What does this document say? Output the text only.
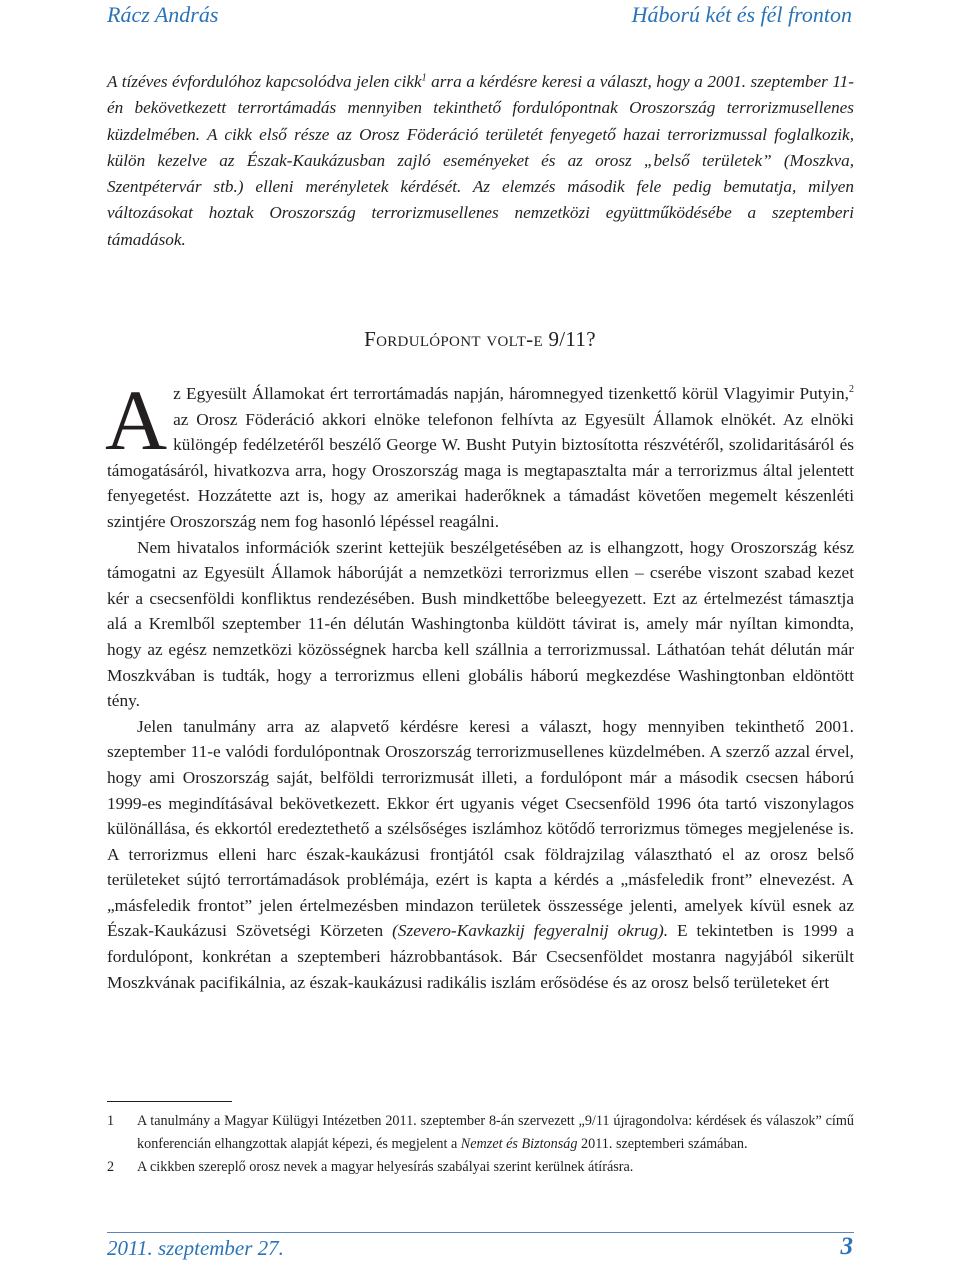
Rácz András	Háború két és fél fronton

A tízéves évfordulóhoz kapcsolódva jelen cikk$^1$ arra a kérdésre keresi a választ, hogy a 2001. szeptember 11-én bekövetkezett terrortámadás mennyiben tekinthető fordulópontnak Oroszország terrorizmusellenes küzdelmében. A cikk első része az Orosz Föderáció területét fenyegető hazai terrorizmussal foglalkozik, külön kezelve az Észak-Kaukázusban zajló eseményeket és az orosz „belső területek” (Moszkva, Szentpétervár stb.) elleni merényletek kérdését. Az elemzés második fele pedig bemutatja, milyen változásokat hoztak Oroszország terrorizmusellenes nemzetközi együttműködésébe a szeptemberi támadások.

Fordulópont volt-e 9/11?

Az Egyesült Államokat ért terrortámadás napján, háromnegyed tizenkettő körül Vlagyimir Putyin,$^2$ az Orosz Föderáció akkori elnöke telefonon felhívta az Egyesült Államok elnökét. Az elnöki különgép fedélzetéről beszélő George W. Busht Putyin biztosította részvétéről, szolidaritásáról és támogatásáról, hivatkozva arra, hogy Oroszország maga is megtapasztalta már a terrorizmus által jelentett fenyegetést. Hozzátette azt is, hogy az amerikai haderőknek a támadást követően megemelt készenléti szintjére Oroszország nem fog hasonló lépéssel reagálni.

Nem hivatalos információk szerint kettejük beszélgetésében az is elhangzott, hogy Oroszország kész támogatni az Egyesült Államok háborúját a nemzetközi terrorizmus ellen – cserébe viszont szabad kezet kér a csecsenföldi konfliktus rendezésében. Bush mindkettőbe beleegyezett. Ezt az értelmezést támasztja alá a Kremlből szeptember 11-én délután Washingtonba küldött távirat is, amely már nyíltan kimondta, hogy az egész nemzetközi közösségnek harcba kell szállnia a terrorizmussal. Láthatóan tehát délután már Moszkvában is tudták, hogy a terrorizmus elleni globális háború megkezdése Washingtonban eldöntött tény.

Jelen tanulmány arra az alapvető kérdésre keresi a választ, hogy mennyiben tekinthető 2001. szeptember 11-e valódi fordulópontnak Oroszország terrorizmusellenes küzdelmében. A szerző azzal érvel, hogy ami Oroszország saját, belföldi terrorizmusát illeti, a fordulópont már a második csecsen háború 1999-es megindításával bekövetkezett. Ekkor ért ugyanis véget Csecsenföld 1996 óta tartó viszonylagos különállása, és ekkortól eredeztethető a szélsőséges iszlámhoz kötődő terrorizmus tömeges megjelenése is. A terrorizmus elleni harc észak-kaukázusi frontjától csak földrajzilag választható el az orosz belső területeket sújtó terrortámadások problémája, ezért is kapta a kérdés a „másfeledik front” elnevezést. A „másfeledik frontot” jelen értelmezésben mindazon területek összessége jelenti, amelyek kívül esnek az Észak-Kaukázusi Szövetségi Körzeten (Szevero-Kavkazkij fegyeralnij okrug). E tekintetben is 1999 a fordulópont, konkrétan a szeptemberi házrobbantások. Bár Csecsenföldet mostanra nagyjából sikerült Moszkvának pacifikálnia, az észak-kaukázusi radikális iszlám erősödése és az orosz belső területeket ért

1 A tanulmány a Magyar Külügyi Intézetben 2011. szeptember 8-án szervezett „9/11 újragondolva: kérdések és válaszok” című konferencián elhangzottak alapját képezi, és megjelent a Nemzet és Biztonság 2011. szeptemberi számában.
2 A cikkben szereplő orosz nevek a magyar helyesírás szabályai szerint kerülnek átírásra.
2011. szeptember 27.	3
